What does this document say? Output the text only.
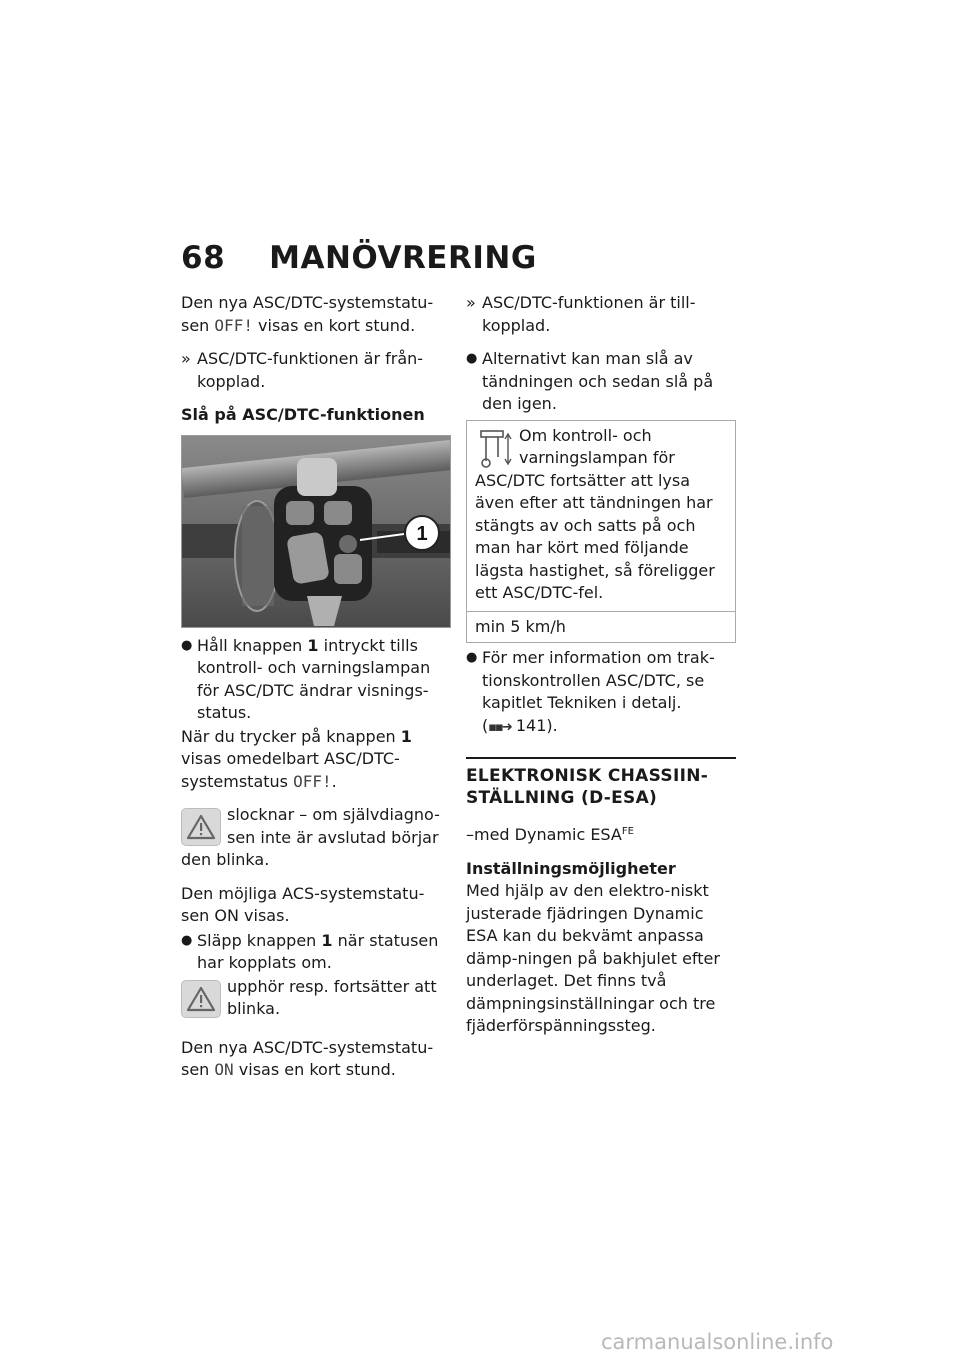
68 MANÖVRERING
Den nya ASC/DTC-systemstatu-sen OFF! visas en kort stund.
» ASC/DTC-funktionen är från-kopplad.
Slå på ASC/DTC-funktionen
1
● Håll knappen 1 intryckt tills kontroll- och varningslampan för ASC/DTC ändrar visnings-status.
När du trycker på knappen 1 visas omedelbart ASC/DTC-systemstatus OFF!.
slocknar – om självdiagno-sen inte är avslutad börjar
den blinka.
Den möjliga ACS-systemstatu-sen ON visas.
● Släpp knappen 1 när statusen har kopplats om.
upphör resp. fortsätter att blinka.
Den nya ASC/DTC-systemstatu-sen ON visas en kort stund.
» ASC/DTC-funktionen är till-kopplad.
● Alternativt kan man slå av tändningen och sedan slå på den igen.
Om kontroll- och varningslampan för ASC/DTC fortsätter att lysa även efter att tändningen har stängts av och satts på och man har kört med följande lägsta hastighet, så föreligger ett ASC/DTC-fel.
min 5 km/h
● För mer information om trak-tionskontrollen ASC/DTC, se kapitlet Tekniken i detalj.
(▪▪➜ 141).
ELEKTRONISK CHASSIIN-STÄLLNING (D-ESA)
–med Dynamic $ESA^{FE}$
Inställningsmöjligheter
Med hjälp av den elektro-niskt justerade fjädringen Dynamic ESA kan du bekvämt anpassa dämp-ningen på bakhjulet efter underlaget. Det finns två dämpningsinställningar och tre fjäderförspänningssteg.
carmanualsonline.info
